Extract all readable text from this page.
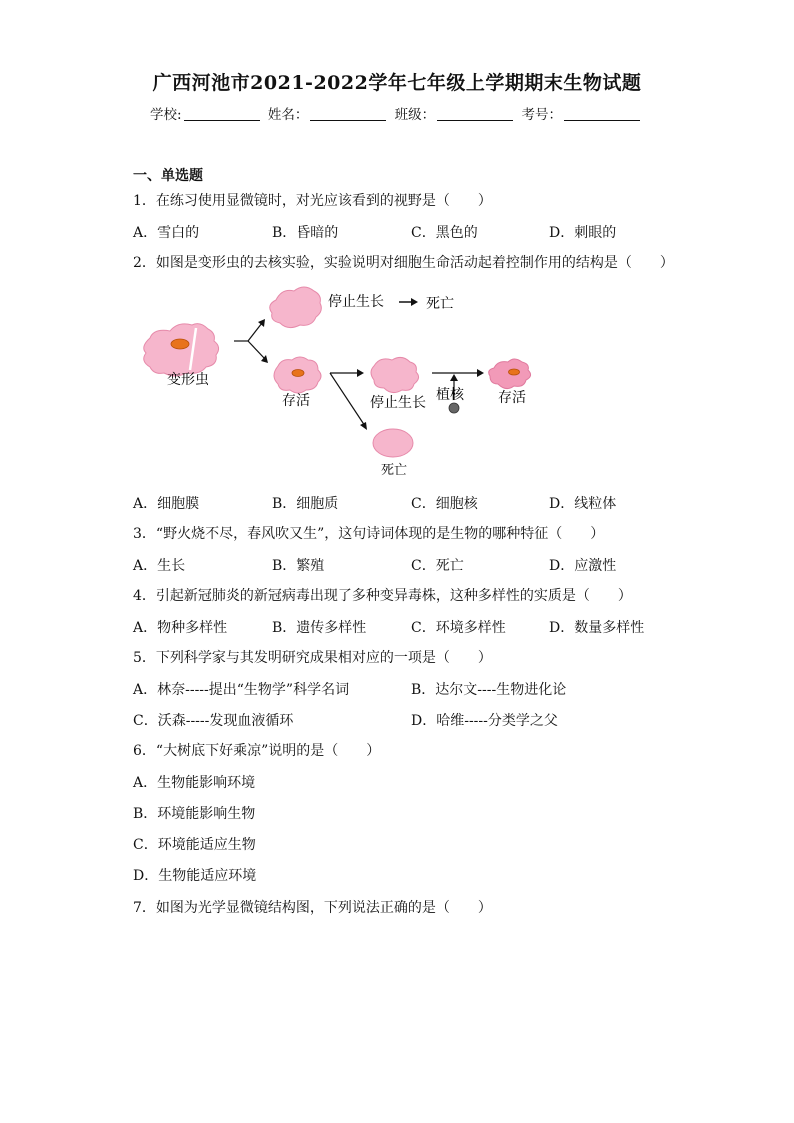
广西河池市2021-2022学年七年级上学期期末生物试题
学校:	姓名：	班级：	考号：
一、单选题
1．在练习使用显微镜时，对光应该看到的视野是（　　）
A．雪白的	B．昏暗的	C．黑色的	D．刺眼的
2．如图是变形虫的去核实验，实验说明对细胞生命活动起着控制作用的结构是（　　）
停止生长	死亡
变形虫
存活	停止生长 植核 存活
死亡
A．细胞膜	B．细胞质	C．细胞核	D．线粒体
3．“野火烧不尽，春风吹又生”，这句诗词体现的是生物的哪种特征（　　）
A．生长	B．繁殖	C．死亡	D．应激性
4．引起新冠肺炎的新冠病毒出现了多种变异毒株，这种多样性的实质是（　　）
A．物种多样性	B．遗传多样性	C．环境多样性	D．数量多样性
5．下列科学家与其发明研究成果相对应的一项是（　　）
A．林奈-----提出“生物学”科学名词	B．达尔文----生物进化论
C．沃森-----发现血液循环	D．哈维-----分类学之父
6．“大树底下好乘凉”说明的是（　　）
A．生物能影响环境
B．环境能影响生物
C．环境能适应生物
D．生物能适应环境
7．如图为光学显微镜结构图，下列说法正确的是（　　）
